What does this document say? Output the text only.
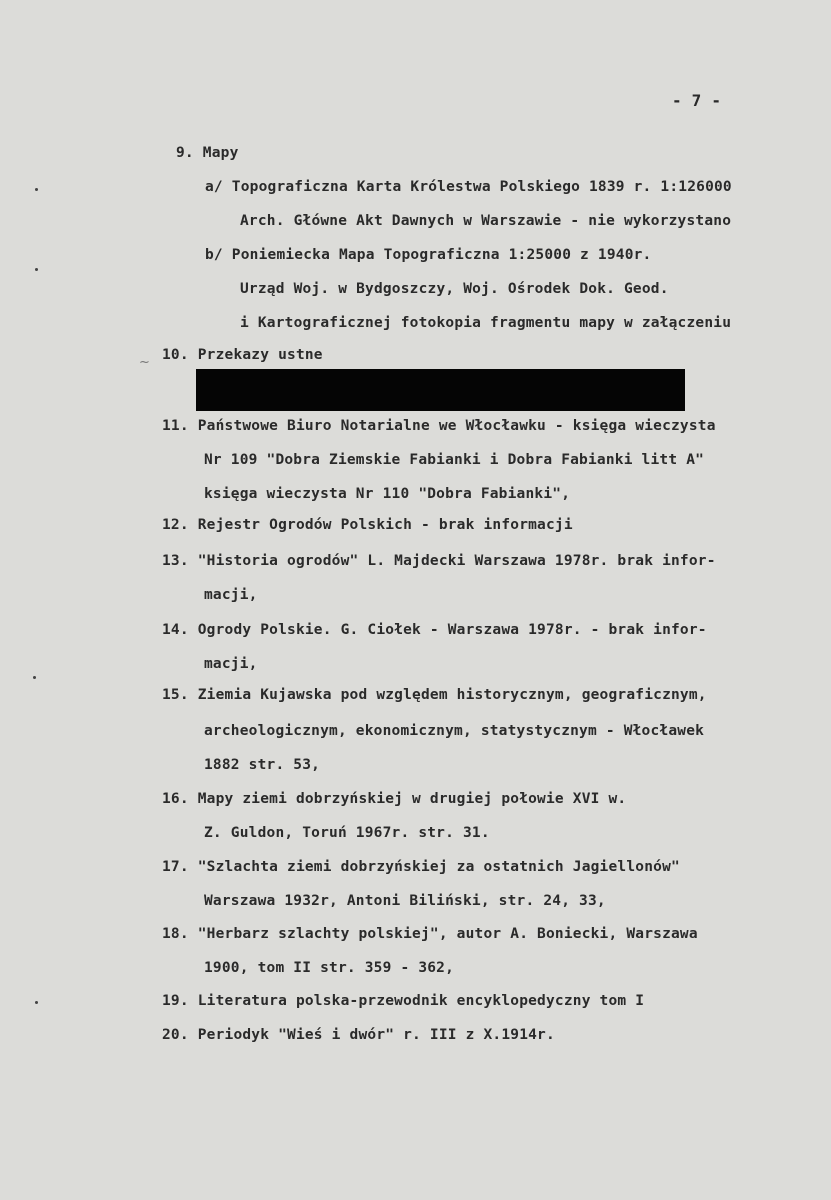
- 7 -
9. Mapy
a/ Topograficzna Karta Królestwa Polskiego 1839 r. 1:126000
Arch. Główne Akt Dawnych w Warszawie - nie wykorzystano
b/ Poniemiecka Mapa Topograficzna 1:25000 z 1940r.
Urząd Woj. w Bydgoszczy, Woj. Ośrodek Dok. Geod.
i Kartograficznej fotokopia fragmentu mapy w załączeniu
10. Przekazy ustne
11. Państwowe Biuro Notarialne we Włocławku - księga wieczysta
Nr 109 "Dobra Ziemskie Fabianki i Dobra Fabianki litt A"
księga wieczysta Nr 110 "Dobra Fabianki",
12. Rejestr Ogrodów Polskich - brak informacji
13. "Historia ogrodów" L. Majdecki Warszawa 1978r. brak infor-
macji,
14. Ogrody Polskie. G. Ciołek - Warszawa 1978r. - brak infor-
macji,
15. Ziemia Kujawska pod względem historycznym, geograficznym,
archeologicznym, ekonomicznym, statystycznym - Włocławek
1882 str. 53,
16. Mapy ziemi dobrzyńskiej w drugiej połowie XVI w.
Z. Guldon, Toruń 1967r. str. 31.
17. "Szlachta ziemi dobrzyńskiej za ostatnich Jagiellonów"
Warszawa 1932r, Antoni Biliński, str. 24, 33,
18. "Herbarz szlachty polskiej", autor A. Boniecki, Warszawa
1900, tom II str. 359 - 362,
19. Literatura polska-przewodnik encyklopedyczny tom I
20. Periodyk "Wieś i dwór" r. III z X.1914r.
~
